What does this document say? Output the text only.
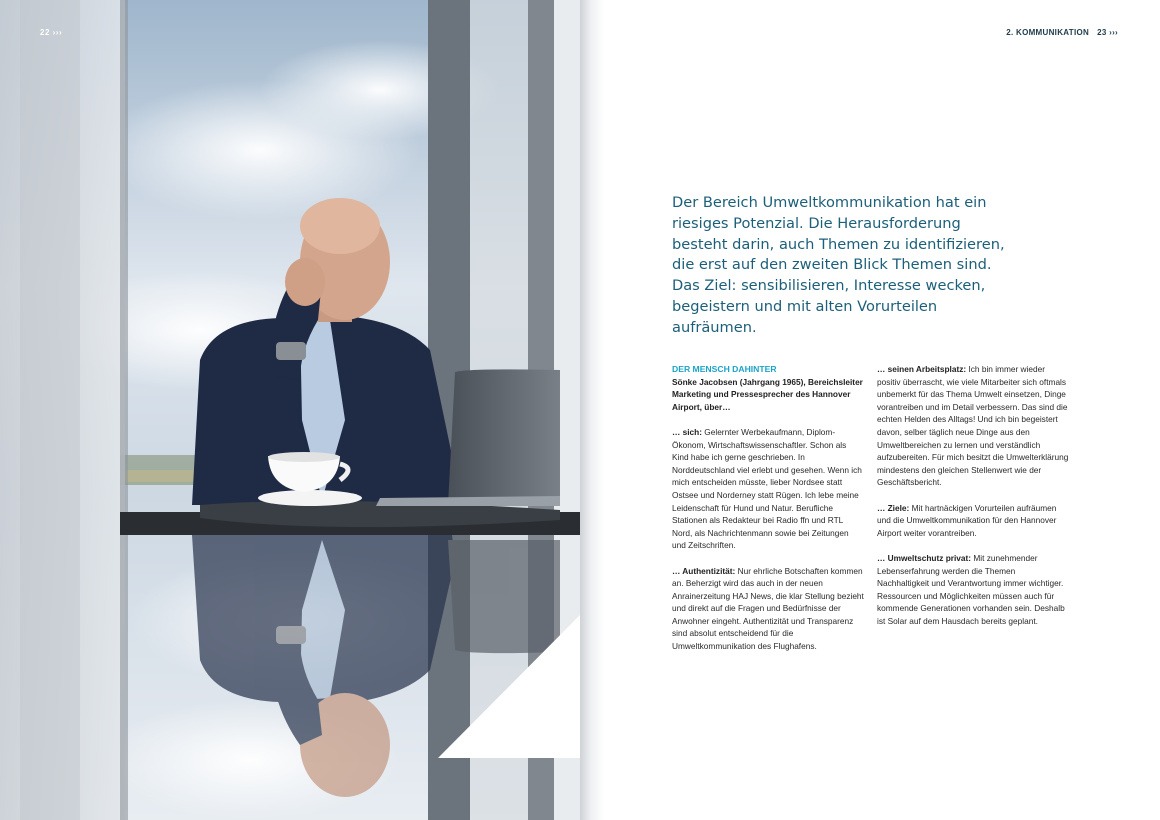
22 ›››	2. KOMMUNIKATION 23 ›››

Der Bereich Umweltkommunikation hat ein riesiges Potenzial. Die Herausforderung besteht darin, auch Themen zu identifizieren, die erst auf den zweiten Blick Themen sind. Das Ziel: sensibilisieren, Interesse wecken, begeistern und mit alten Vorurteilen aufräumen.

DER MENSCH DAHINTER
Sönke Jacobsen (Jahrgang 1965), Bereichsleiter Marketing und Pressesprecher des Hannover Airport, über…

… sich: Gelernter Werbekaufmann, Diplom-Ökonom, Wirtschaftswissenschaftler. Schon als Kind habe ich gerne geschrieben. In Norddeutschland viel erlebt und gesehen. Wenn ich mich entscheiden müsste, lieber Nordsee statt Ostsee und Norderney statt Rügen. Ich lebe meine Leidenschaft für Hund und Natur. Berufliche Stationen als Redakteur bei Radio ffn und RTL Nord, als Nachrichtenmann sowie bei Zeitungen und Zeitschriften.

… Authentizität: Nur ehrliche Botschaften kommen an. Beherzigt wird das auch in der neuen Anrainerzeitung HAJ News, die klar Stellung bezieht und direkt auf die Fragen und Bedürfnisse der Anwohner eingeht. Authentizität und Transparenz sind absolut entscheidend für die Umweltkommunikation des Flughafens.

… seinen Arbeitsplatz: Ich bin immer wieder positiv überrascht, wie viele Mitarbeiter sich oftmals unbemerkt für das Thema Umwelt einsetzen, Dinge vorantreiben und im Detail verbessern. Das sind die echten Helden des Alltags! Und ich bin begeistert davon, selber täglich neue Dinge aus den Umweltbereichen zu lernen und verständlich aufzubereiten. Für mich besitzt die Umwelterklärung mindestens den gleichen Stellenwert wie der Geschäftsbericht.

… Ziele: Mit hartnäckigen Vorurteilen aufräumen und die Umweltkommunikation für den Hannover Airport weiter vorantreiben.

… Umweltschutz privat: Mit zunehmender Lebenserfahrung werden die Themen Nachhaltigkeit und Verantwortung immer wichtiger. Ressourcen und Möglichkeiten müssen auch für kommende Generationen vorhanden sein. Deshalb ist Solar auf dem Hausdach bereits geplant.
